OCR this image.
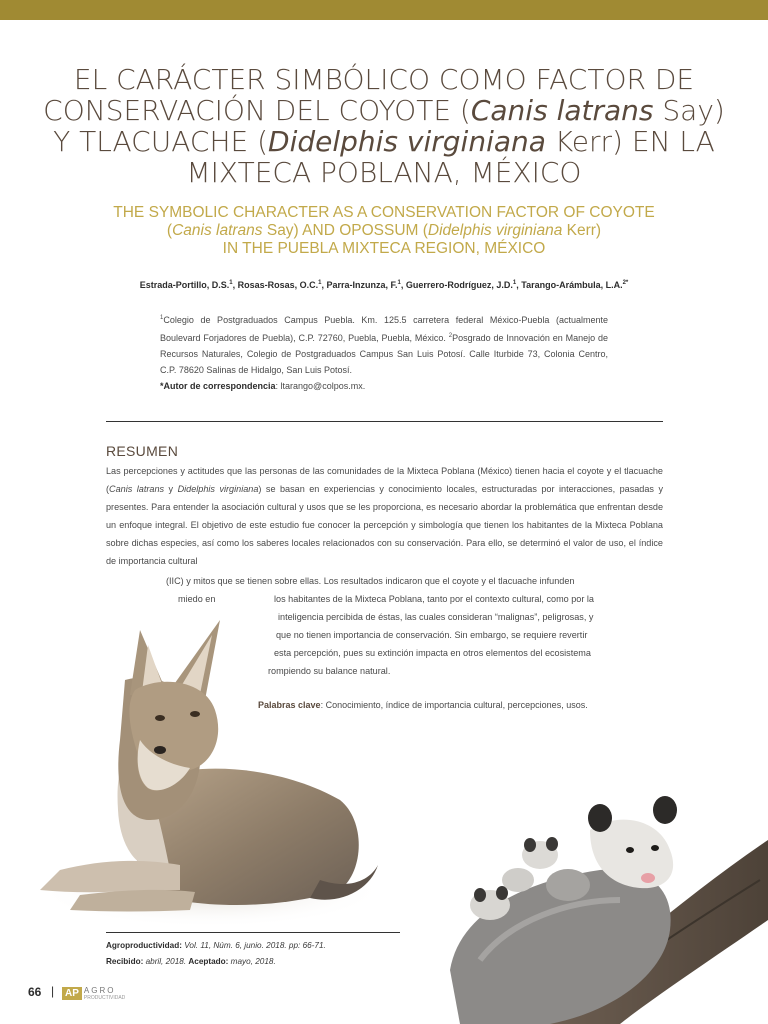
EL CARÁCTER SIMBÓLICO COMO FACTOR DE
CONSERVACIÓN DEL COYOTE (Canis latrans Say)
Y TLACUACHE (Didelphis virginiana Kerr) EN LA
MIXTECA POBLANA, MÉXICO
THE SYMBOLIC CHARACTER AS A CONSERVATION FACTOR OF COYOTE
(Canis latrans Say) AND OPOSSUM (Didelphis virginiana Kerr)
IN THE PUEBLA MIXTECA REGION, MÉXICO
Estrada-Portillo, D.S.$^1$, Rosas-Rosas, O.C.$^1$, Parra-Inzunza, F.$^1$, Guerrero-Rodríguez, J.D.$^1$, Tarango-Arámbula, L.A.$^{2*}$
$^1$Colegio de Postgraduados Campus Puebla. Km. 125.5 carretera federal México-Puebla (actualmente Boulevard Forjadores de Puebla), C.P. 72760, Puebla, Puebla, México. $^2$Posgrado de Innovación en Manejo de Recursos Naturales, Colegio de Postgraduados Campus San Luis Potosí. Calle Iturbide 73, Colonia Centro, C.P. 78620 Salinas de Hidalgo, San Luis Potosí.
*Autor de correspondencia: ltarango@colpos.mx.
RESUMEN
Las percepciones y actitudes que las personas de las comunidades de la Mixteca Poblana (México) tienen hacia el coyote y el tlacuache (Canis latrans y Didelphis virginiana) se basan en experiencias y conocimiento locales, estructuradas por interacciones, pasadas y presentes. Para entender la asociación cultural y usos que se les proporciona, es necesario abordar la problemática que enfrentan desde un enfoque integral. El objetivo de este estudio fue conocer la percepción y simbología que tienen los habitantes de la Mixteca Poblana sobre dichas especies, así como los saberes locales relacionados con su conservación. Para ello, se determinó el valor de uso, el índice de importancia cultural
(IIC) y mitos que se tienen sobre ellas. Los resultados indicaron que el coyote y el tlacuache infunden
miedo en	los habitantes de la Mixteca Poblana, tanto por el contexto cultural, como por la
inteligencia percibida de éstas, las cuales consideran “malignas”, peligrosas, y
que no tienen importancia de conservación. Sin embargo, se requiere revertir
esta percepción, pues su extinción impacta en otros elementos del ecosistema
rompiendo su balance natural.
Palabras clave: Conocimiento, índice de importancia cultural, percepciones, usos.
Agroproductividad: Vol. 11, Núm. 6, junio. 2018. pp: 66-71.
Recibido: abril, 2018. Aceptado: mayo, 2018.
66 |	AP AGRO
PRODUCTIVIDAD
